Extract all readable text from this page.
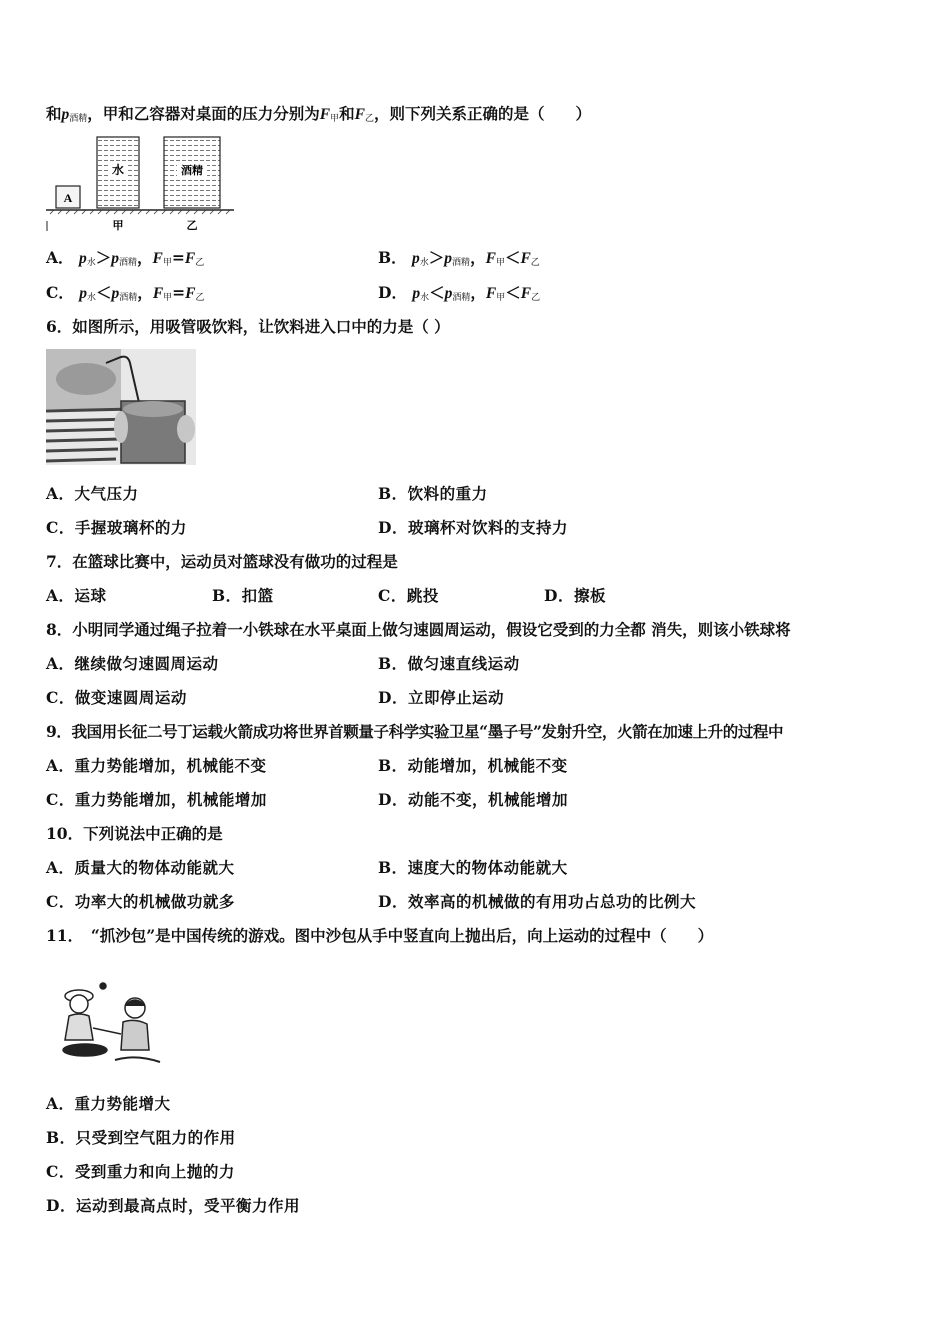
和$p_{酒精}$，甲和乙容器对桌面的压力分别为$F_甲$和$F_乙$，则下列关系正确的是（　　）
A
水	酒精
甲	乙
A． $p_水>p_{酒精}$，$F_甲=F_乙$	B． $p_水>p_{酒精}$，$F_甲<F_乙$
C． $p_水<p_{酒精}$，$F_甲=F_乙$	D． $p_水<p_{酒精}$，$F_甲<F_乙$
6．如图所示，用吸管吸饮料，让饮料进入口中的力是（ ）
A．大气压力	B．饮料的重力
C．手握玻璃杯的力	D．玻璃杯对饮料的支持力
7．在篮球比赛中，运动员对篮球没有做功的过程是
A．运球	B．扣篮	C．跳投	D．擦板
8．小明同学通过绳子拉着一小铁球在水平桌面上做匀速圆周运动，假设它受到的力全都 消失，则该小铁球将
A．继续做匀速圆周运动	B．做匀速直线运动
C．做变速圆周运动	D．立即停止运动
9．我国用长征二号丁运载火箭成功将世界首颗量子科学实验卫星“墨子号”发射升空，火箭在加速上升的过程中
A．重力势能增加，机械能不变	B．动能增加，机械能不变
C．重力势能增加，机械能增加	D．动能不变，机械能增加
10．下列说法中正确的是
A．质量大的物体动能就大	B．速度大的物体动能就大
C．功率大的机械做功就多	D．效率高的机械做的有用功占总功的比例大
11．　“抓沙包”是中国传统的游戏。图中沙包从手中竖直向上抛出后，向上运动的过程中（　　）
A．重力势能增大
B．只受到空气阻力的作用
C．受到重力和向上抛的力
D．运动到最高点时，受平衡力作用
